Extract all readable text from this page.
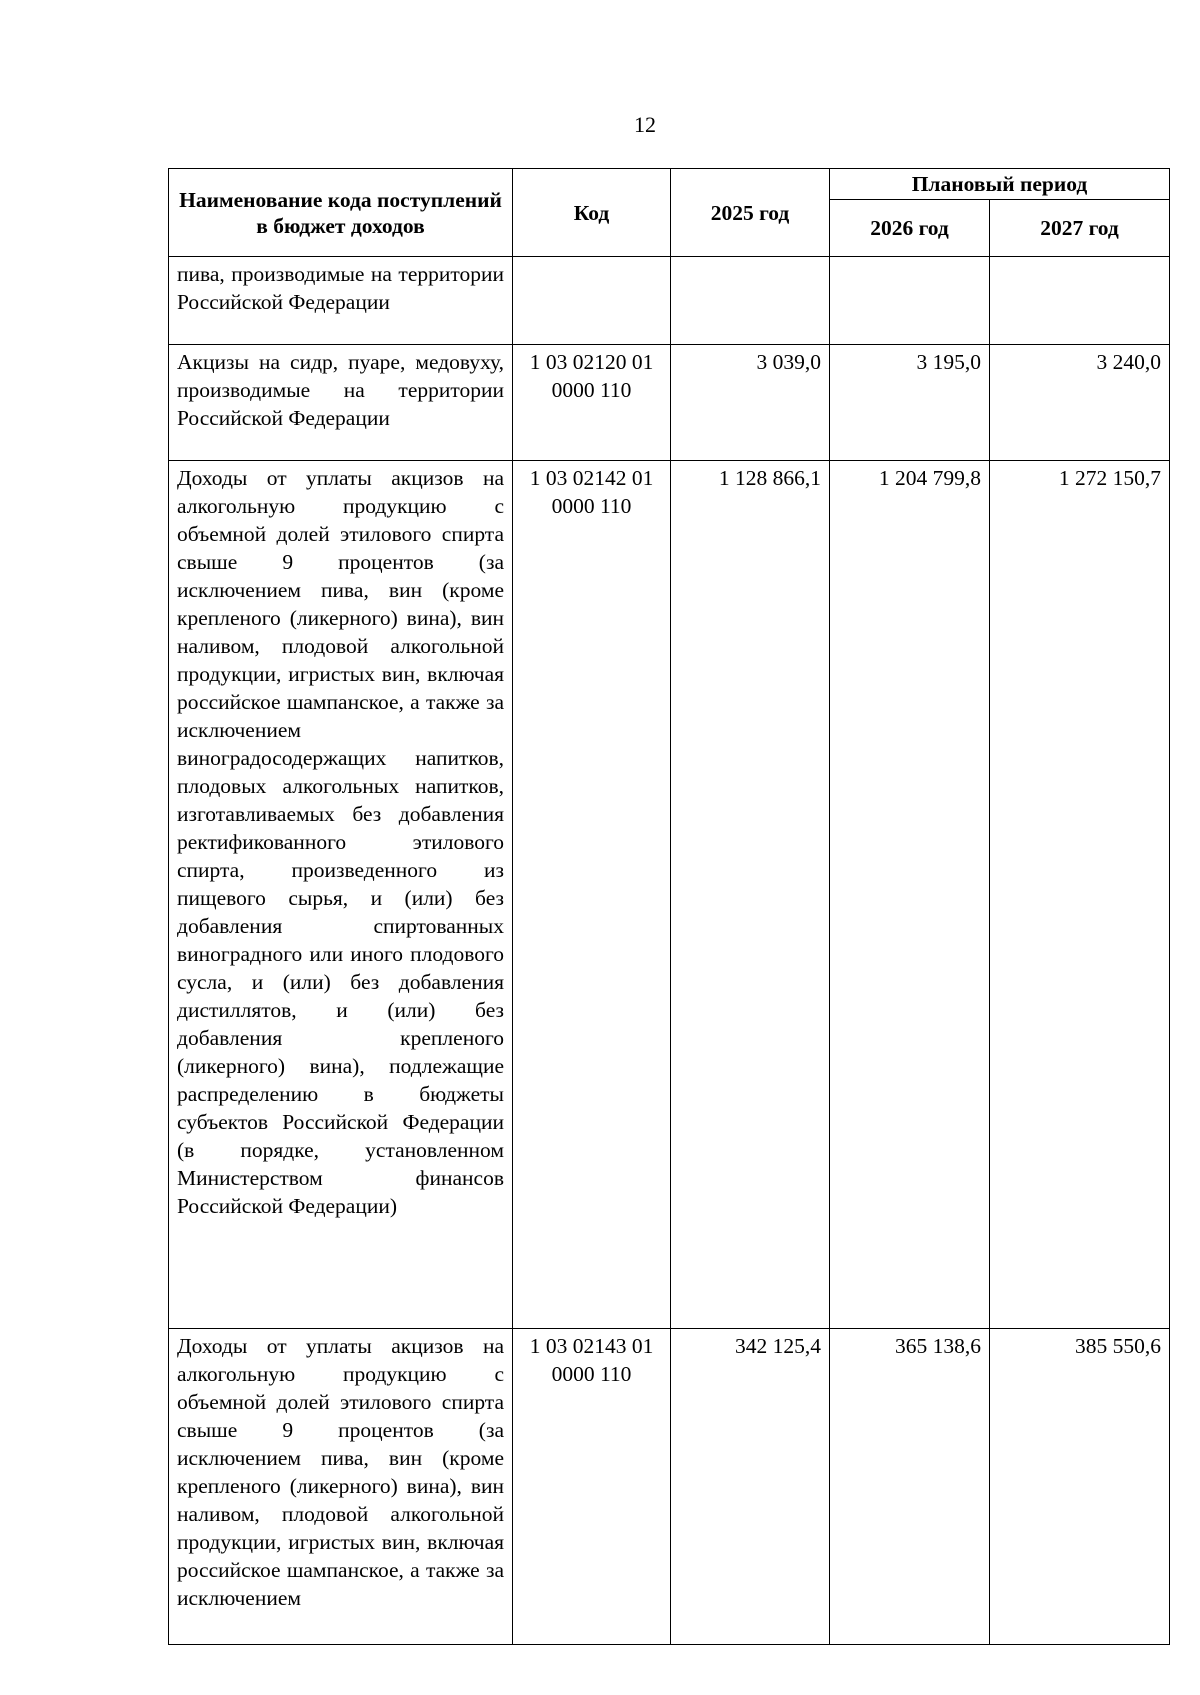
12
Наименование кода поступлений в бюджет доходов	Код	2025 год	Плановый период	
			2026 год	2027 год
пива, производимые на территории Российской Федерации				
Акцизы на сидр, пуаре, медовуху, производимые на территории Российской Федерации	1 03 02120 01 0000 110	3 039,0	3 195,0	3 240,0
Доходы от уплаты акцизов на алкогольную продукцию с объемной долей этилового спирта свыше 9 процентов (за исключением пива, вин (кроме крепленого (ликерного) вина), вин наливом, плодовой алкогольной продукции, игристых вин, включая российское шампанское, а также за исключением виноградосодержащих напитков, плодовых алкогольных напитков, изготавливаемых без добавления ректификованного этилового спирта, произведенного из пищевого сырья, и (или) без добавления спиртованных виноградного или иного плодового сусла, и (или) без добавления дистиллятов, и (или) без добавления крепленого (ликерного) вина), подлежащие распределению в бюджеты субъектов Российской Федерации (в порядке, установленном Министерством финансов Российской Федерации)	1 03 02142 01 0000 110	1 128 866,1	1 204 799,8	1 272 150,7
Доходы от уплаты акцизов на алкогольную продукцию с объемной долей этилового спирта свыше 9 процентов (за исключением пива, вин (кроме крепленого (ликерного) вина), вин наливом, плодовой алкогольной продукции, игристых вин, включая российское шампанское, а также за исключением	1 03 02143 01 0000 110	342 125,4	365 138,6	385 550,6
